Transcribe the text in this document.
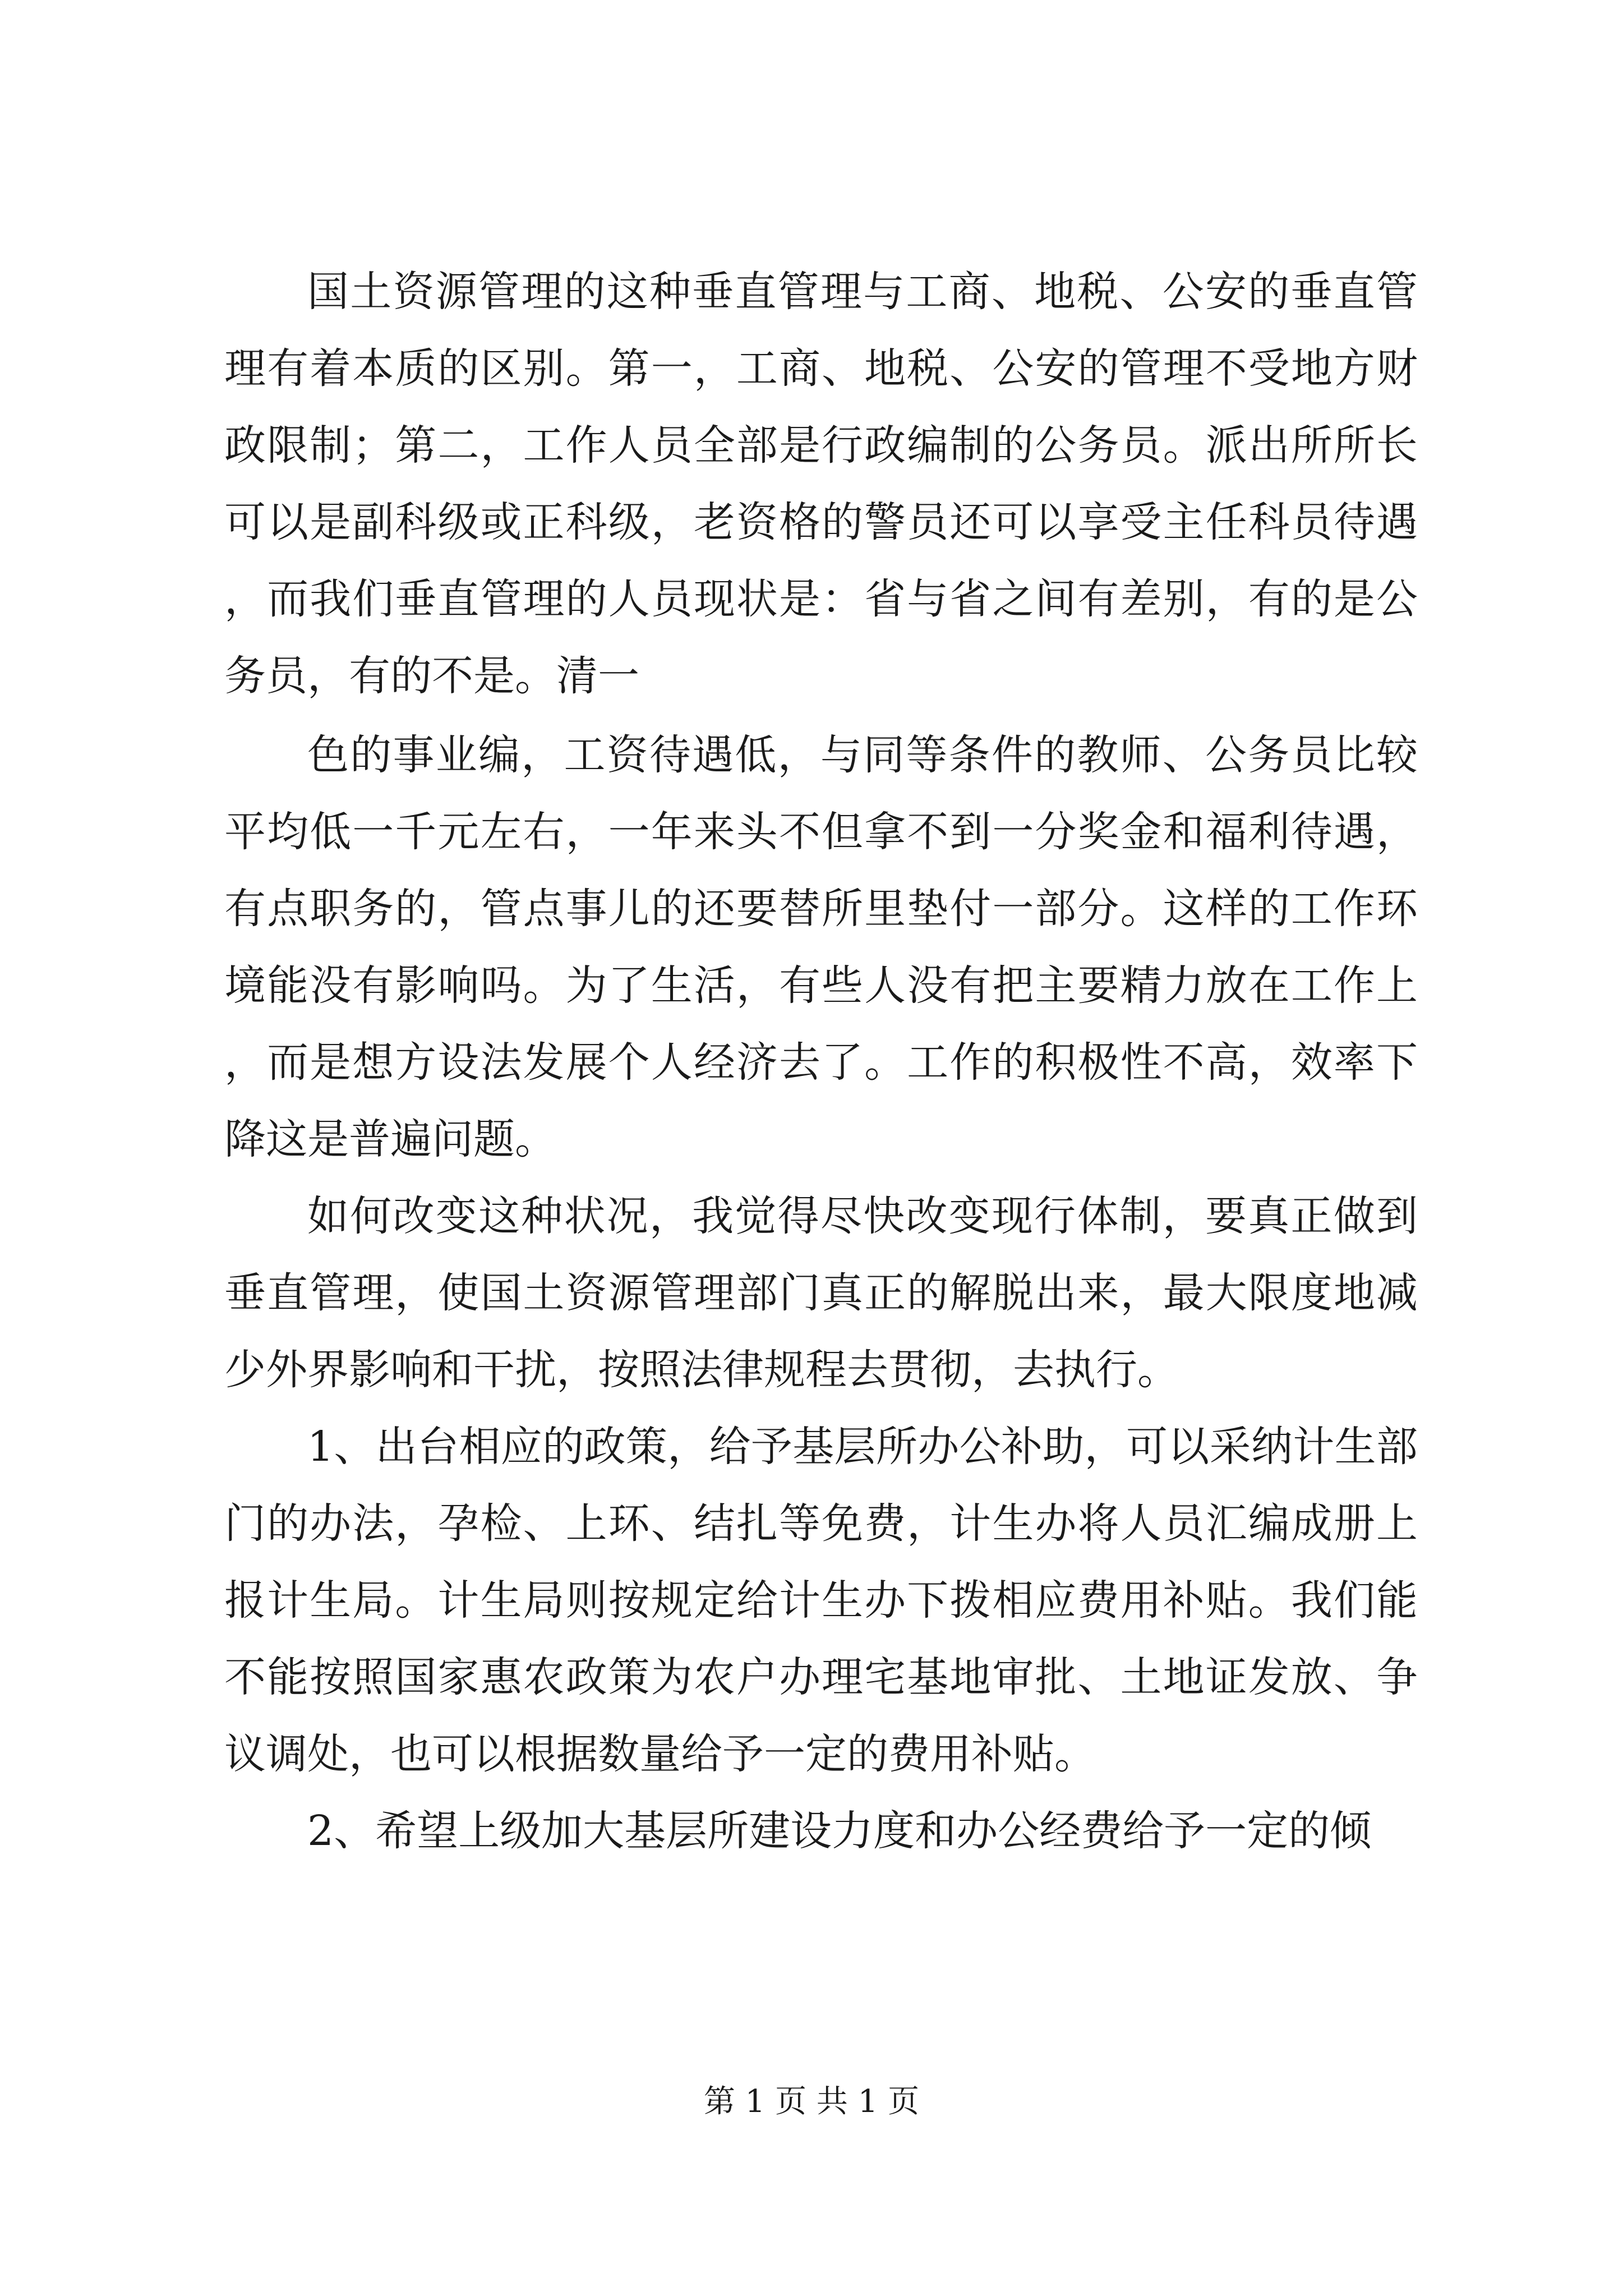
国土资源管理的这种垂直管理与工商、地税、公安的垂直管理有着本质的区别。第一，工商、地税、公安的管理不受地方财政限制；第二，工作人员全部是行政编制的公务员。派出所所长可以是副科级或正科级，老资格的警员还可以享受主任科员待遇，而我们垂直管理的人员现状是：省与省之间有差别，有的是公务员，有的不是。清一

色的事业编，工资待遇低，与同等条件的教师、公务员比较平均低一千元左右，一年来头不但拿不到一分奖金和福利待遇，有点职务的，管点事儿的还要替所里垫付一部分。这样的工作环境能没有影响吗。为了生活，有些人没有把主要精力放在工作上，而是想方设法发展个人经济去了。工作的积极性不高，效率下降这是普遍问题。

如何改变这种状况，我觉得尽快改变现行体制，要真正做到垂直管理，使国土资源管理部门真正的解脱出来，最大限度地减少外界影响和干扰，按照法律规程去贯彻，去执行。

1、出台相应的政策，给予基层所办公补助，可以采纳计生部门的办法，孕检、上环、结扎等免费，计生办将人员汇编成册上报计生局。计生局则按规定给计生办下拨相应费用补贴。我们能不能按照国家惠农政策为农户办理宅基地审批、土地证发放、争议调处，也可以根据数量给予一定的费用补贴。

2、希望上级加大基层所建设力度和办公经费给予一定的倾

第 1 页 共 1 页
